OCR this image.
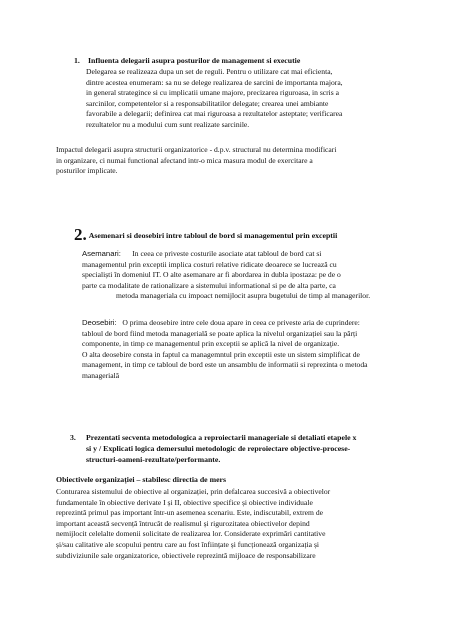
1. Influenta delegarii asupra posturilor de management si executie
Delegarea se realizeaza dupa un set de reguli. Pentru o utilizare cat mai eficienta,
dintre acestea enumeram: sa nu se delege realizarea de sarcini de importanta majora,
in general strategince si cu implicatii umane majore, precizarea riguroasa, in scris a
sarcinilor, competentelor si a responsabilitatilor delegate; crearea unei ambiante
favorabile a delegarii; definirea cat mai riguroasa a rezultatelor asteptate; verificarea
rezultatelor nu a modului cum sunt realizate sarcinile.
Impactul delegarii asupra structurii organizatorice - d.p.v. structural nu determina modificari
in organizare, ci numai functional afectand intr-o mica masura modul de exercitare a
posturilor implicate.
2. Asemenari si deosebiri intre tabloul de bord si managementul prin exceptii
Asemanari: In ceea ce priveste costurile asociate atat tabloul de bord cat si
managementul prin exceptii implica costuri relative ridicate deoarece se lucrează cu
specialiști în domeniul IT. O alte asemanare ar fi abordarea in dubla ipostaza: pe de o
parte ca modalitate de rationalizare a sistemului informational si pe de alta parte, ca
metoda manageriala cu impoact nemijlocit asupra bugetului de timp al managerilor.
Deosebiri: O prima deosebire intre cele doua apare in ceea ce priveste aria de cuprindere:
tabloul de bord fiind metoda managerială se poate aplica la nivelul organizației sau la părți
componente, in timp ce managementul prin exceptii se aplică la nivel de organizaţie.
O alta deosebire consta in faptul ca managemntul prin exceptii este un sistem simplificat de
management, in timp ce tabloul de bord este un ansamblu de informatii si reprezinta o metoda
managerială
3. Prezentati secventa metodologica a reproiectarii manageriale si detaliati etapele x
si y / Explicati logica demersului metodologic de reproiectare objective-procese-
structuri-oameni-rezultate/performante.
Obiectivele organizației – stabilesc directia de mers
Conturarea sistemului de obiective al organizației, prin defalcarea succesivă a obiectivelor
fundamentale în obiective derivate I și II, obiective specifice și obiective individuale
reprezintă primul pas important într-un asemenea scenariu. Este, indiscutabil, extrem de
important această secvență întrucât de realismul și rigurozitatea obiectivelor depind
nemijlocit celelalte domenii solicitate de realizarea lor. Considerate exprimări cantitative
și/sau calitative ale scopului pentru care au fost înființate și funcționează organizația și
subdiviziunile sale organizatorice, obiectivele reprezintă mijloace de responsabilizare
